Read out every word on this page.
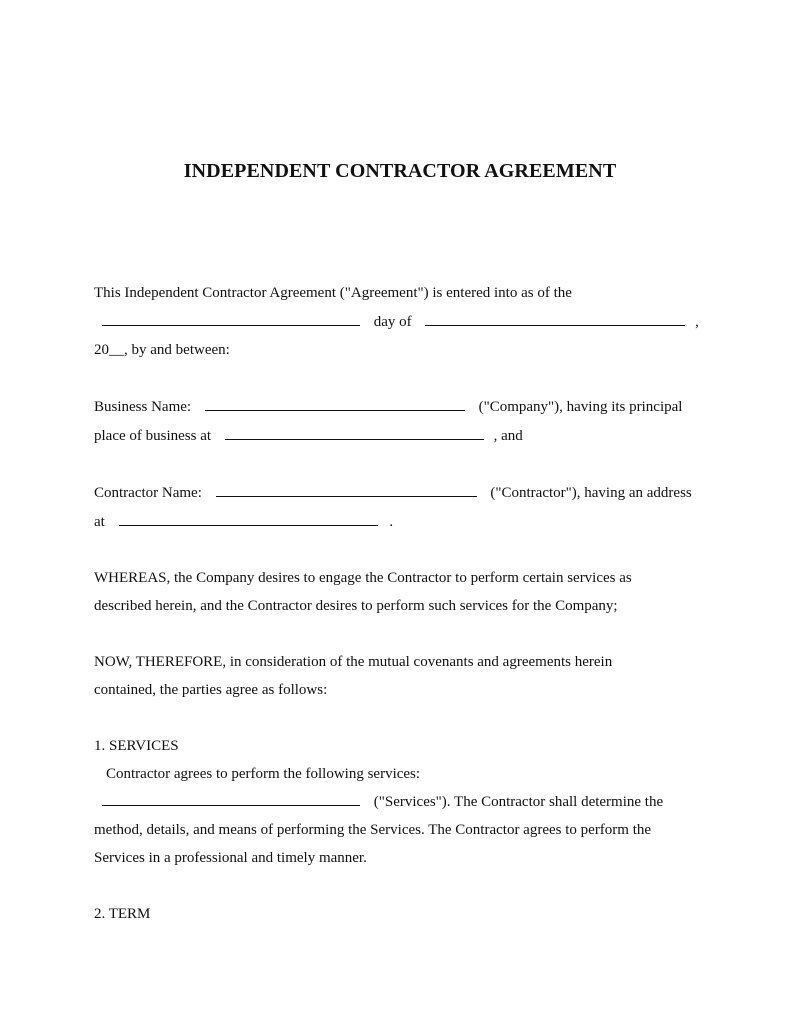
INDEPENDENT CONTRACTOR AGREEMENT
This Independent Contractor Agreement ("Agreement") is entered into as of the
day of	,
20__, by and between:
Business Name:	("Company"), having its principal
place of business at	, and
Contractor Name:	("Contractor"), having an address
at	.
WHEREAS, the Company desires to engage the Contractor to perform certain services as
described herein, and the Contractor desires to perform such services for the Company;
NOW, THEREFORE, in consideration of the mutual covenants and agreements herein
contained, the parties agree as follows:
1. SERVICES
Contractor agrees to perform the following services:
("Services"). The Contractor shall determine the
method, details, and means of performing the Services. The Contractor agrees to perform the
Services in a professional and timely manner.
2. TERM
